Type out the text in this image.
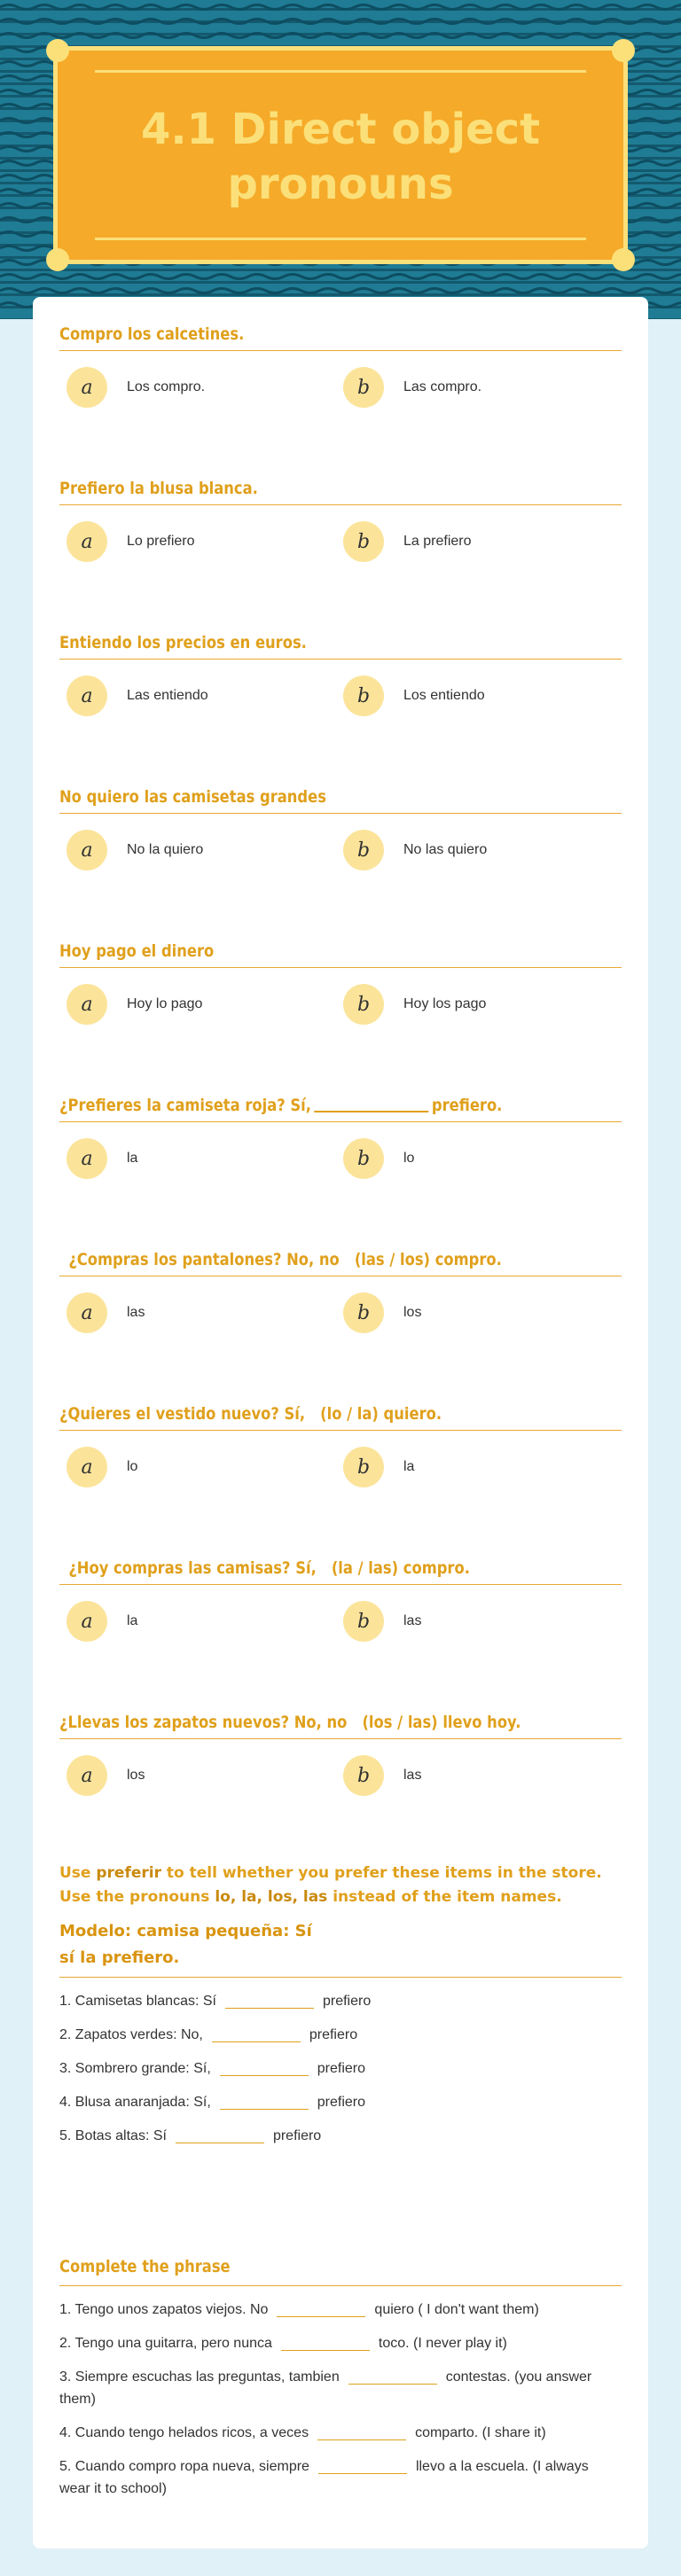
4.1 Direct object pronouns
Compro los calcetines.
a	Los compro.	b	Las compro.
Prefiero la blusa blanca.
a	Lo prefiero	b	La prefiero
Entiendo los precios en euros.
a	Las entiendo	b	Los entiendo
No quiero las camisetas grandes
a	No la quiero	b	No las quiero
Hoy pago el dinero
a	Hoy lo pago	b	Hoy los pago
¿Prefieres la camiseta roja? Sí,	prefiero.
a	la	b	lo
¿Compras los pantalones? No, no   (las / los) compro.
a	las	b	los
¿Quieres el vestido nuevo? Sí,   (lo / la) quiero.
a	lo	b	la
¿Hoy compras las camisas? Sí,   (la / las) compro.
a	la	b	las
¿Llevas los zapatos nuevos? No, no   (los / las) llevo hoy.
a	los	b	las

Use preferir to tell whether you prefer these items in the store. Use the pronouns lo, la, los, las instead of the item names.

Modelo: camisa pequeña: Sí

sí la prefiero.

1. Camisetas blancas: Sí	prefiero
2. Zapatos verdes: No,	prefiero
3. Sombrero grande: Sí,	prefiero
4. Blusa anaranjada: Sí,	prefiero
5. Botas altas: Sí	prefiero
Complete the phrase
1. Tengo unos zapatos viejos. No	quiero ( I don't want them)
2. Tengo una guitarra, pero nunca	toco. (I never play it)
3. Siempre escuchas las preguntas, tambien	contestas. (you answer them)
4. Cuando tengo helados ricos, a veces	comparto. (I share it)
5. Cuando compro ropa nueva, siempre	llevo a la escuela. (I always wear it to school)
